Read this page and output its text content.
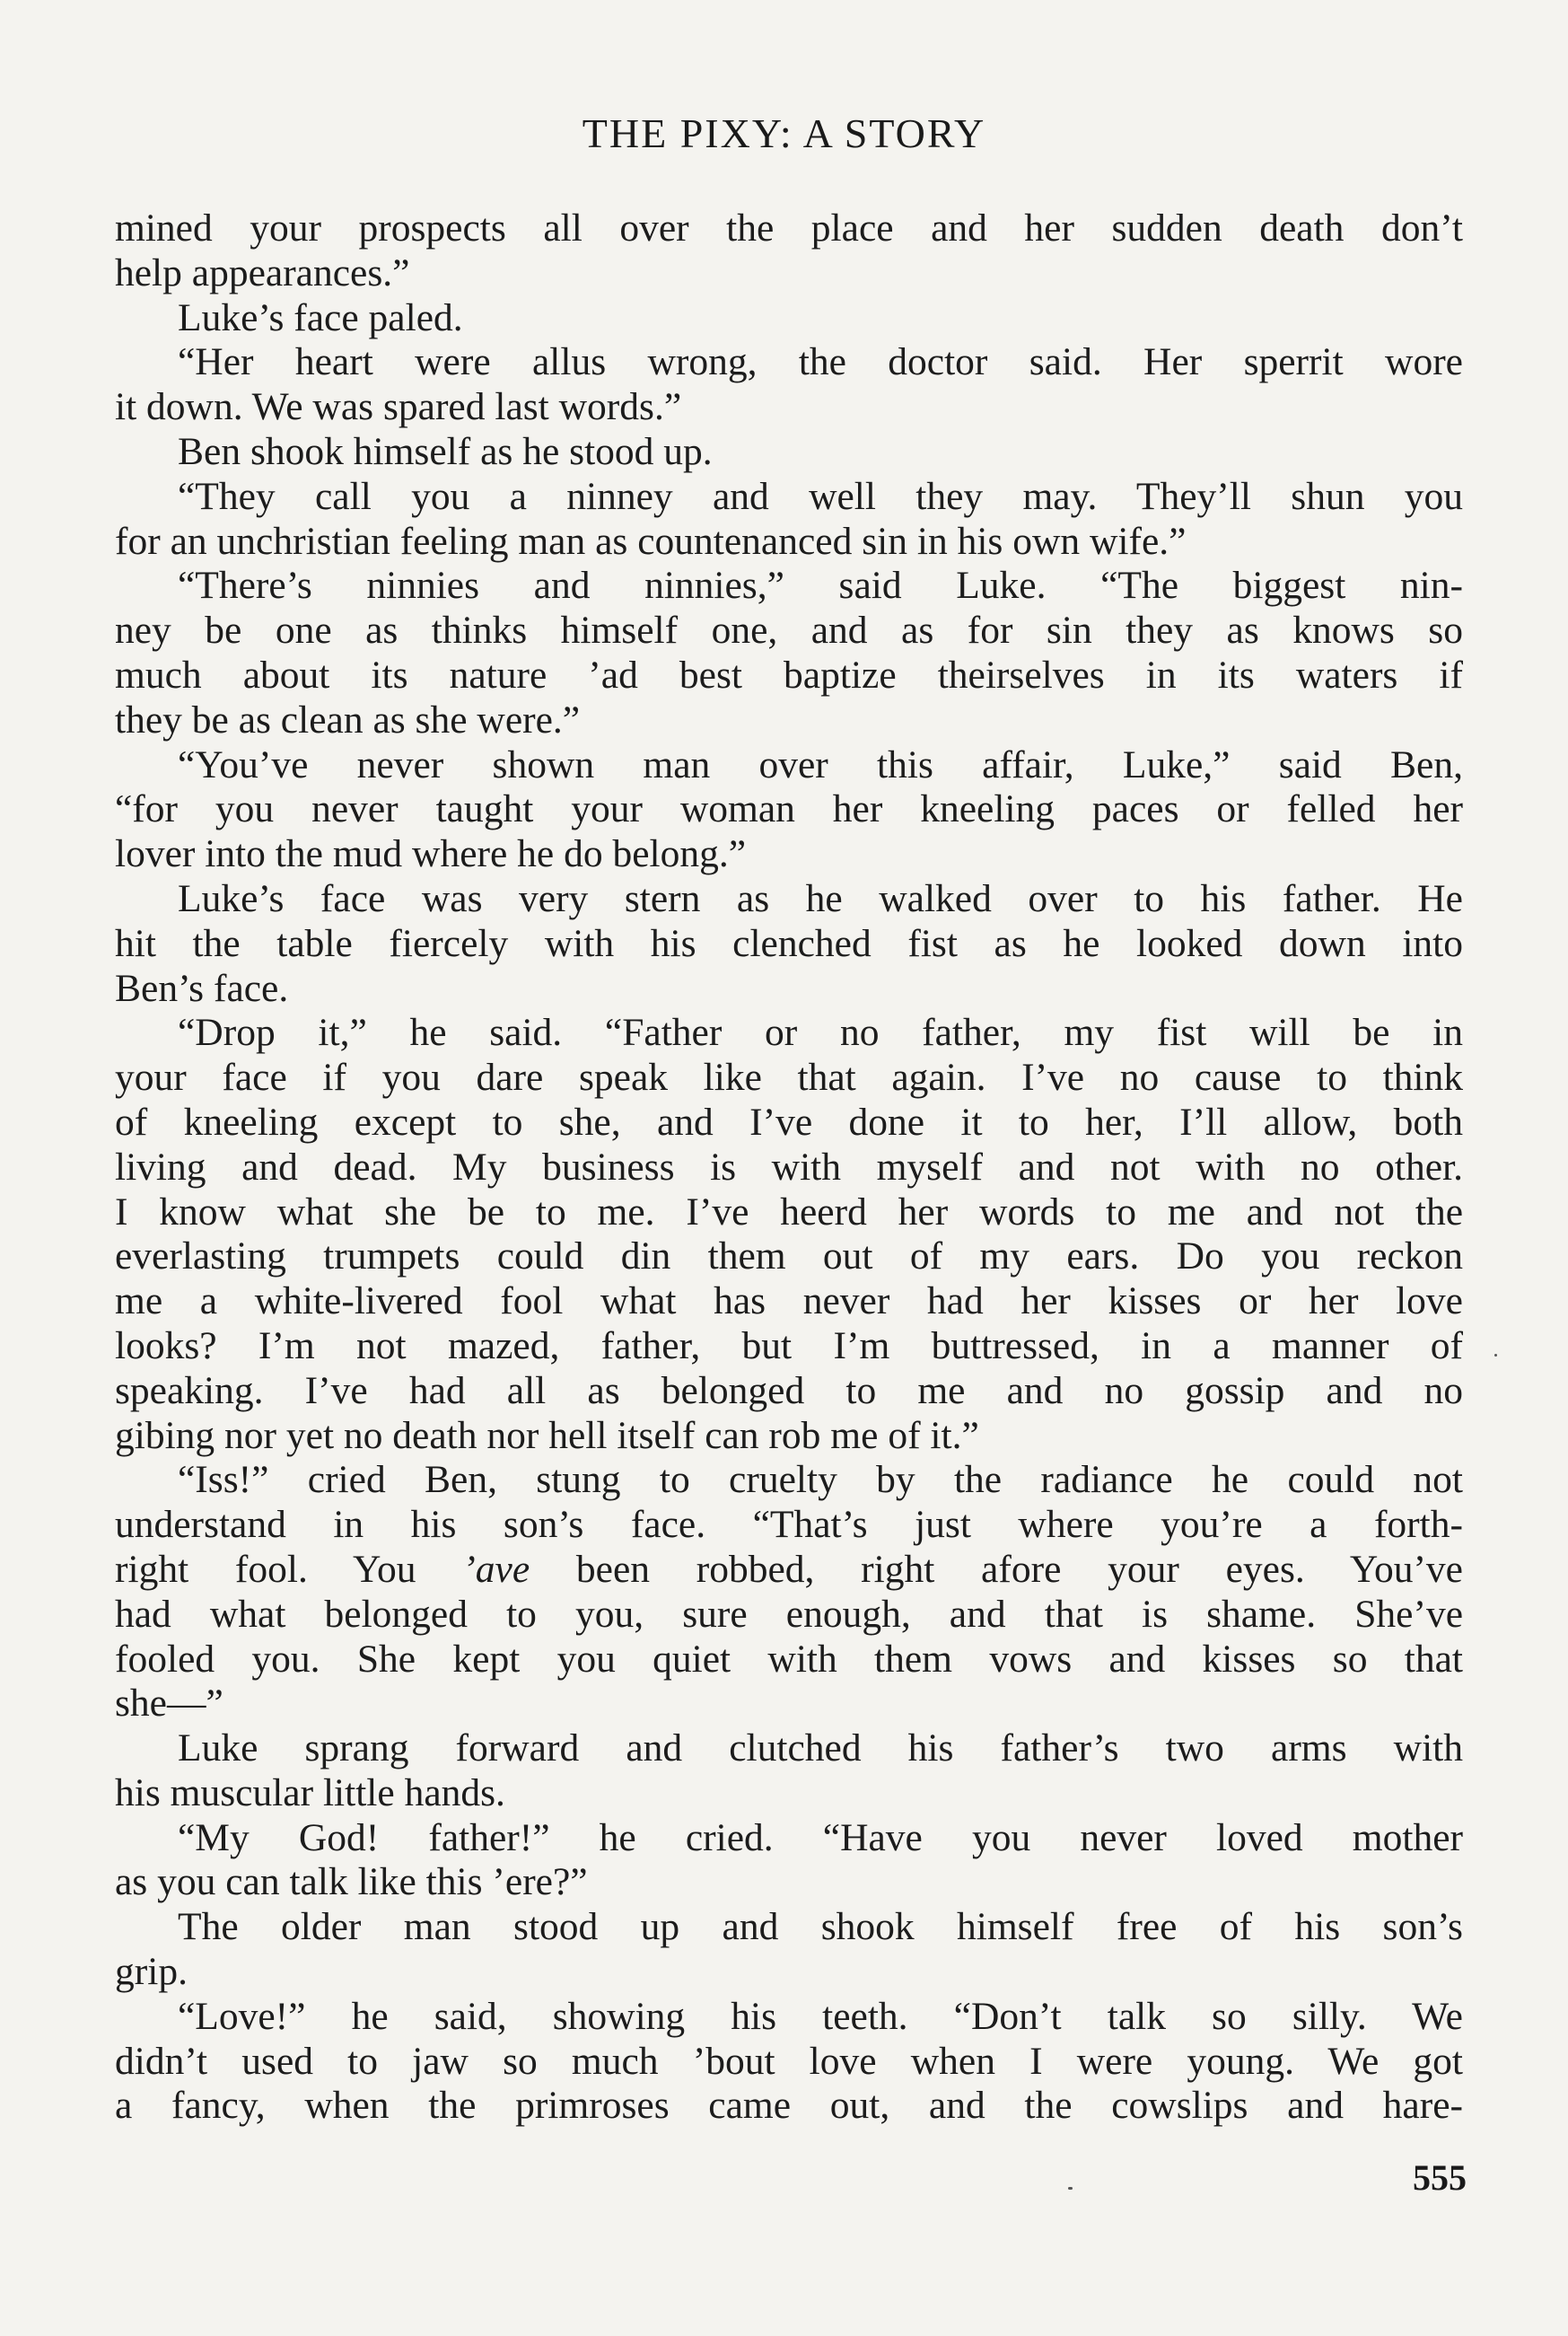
THE PIXY: A STORY
mined your prospects all over the place and her sudden death don’t
help appearances.”
Luke’s face paled.
“Her heart were allus wrong, the doctor said. Her sperrit wore
it down. We was spared last words.”
Ben shook himself as he stood up.
“They call you a ninney and well they may. They’ll shun you
for an unchristian feeling man as countenanced sin in his own wife.”
“There’s ninnies and ninnies,” said Luke. “The biggest nin-
ney be one as thinks himself one, and as for sin they as knows so
much about its nature ’ad best baptize theirselves in its waters if
they be as clean as she were.”
“You’ve never shown man over this affair, Luke,” said Ben,
“for you never taught your woman her kneeling paces or felled her
lover into the mud where he do belong.”
Luke’s face was very stern as he walked over to his father. He
hit the table fiercely with his clenched fist as he looked down into
Ben’s face.
“Drop it,” he said. “Father or no father, my fist will be in
your face if you dare speak like that again. I’ve no cause to think
of kneeling except to she, and I’ve done it to her, I’ll allow, both
living and dead. My business is with myself and not with no other.
I know what she be to me. I’ve heerd her words to me and not the
everlasting trumpets could din them out of my ears. Do you reckon
me a white-livered fool what has never had her kisses or her love
looks? I’m not mazed, father, but I’m buttressed, in a manner of
speaking. I’ve had all as belonged to me and no gossip and no
gibing nor yet no death nor hell itself can rob me of it.”
“Iss!” cried Ben, stung to cruelty by the radiance he could not
understand in his son’s face. “That’s just where you’re a forth-
right fool. You ’ave been robbed, right afore your eyes. You’ve
had what belonged to you, sure enough, and that is shame. She’ve
fooled you. She kept you quiet with them vows and kisses so that
she—”
Luke sprang forward and clutched his father’s two arms with
his muscular little hands.
“My God! father!” he cried. “Have you never loved mother
as you can talk like this ’ere?”
The older man stood up and shook himself free of his son’s
grip.
“Love!” he said, showing his teeth. “Don’t talk so silly. We
didn’t used to jaw so much ’bout love when I were young. We got
a fancy, when the primroses came out, and the cowslips and hare-
555
